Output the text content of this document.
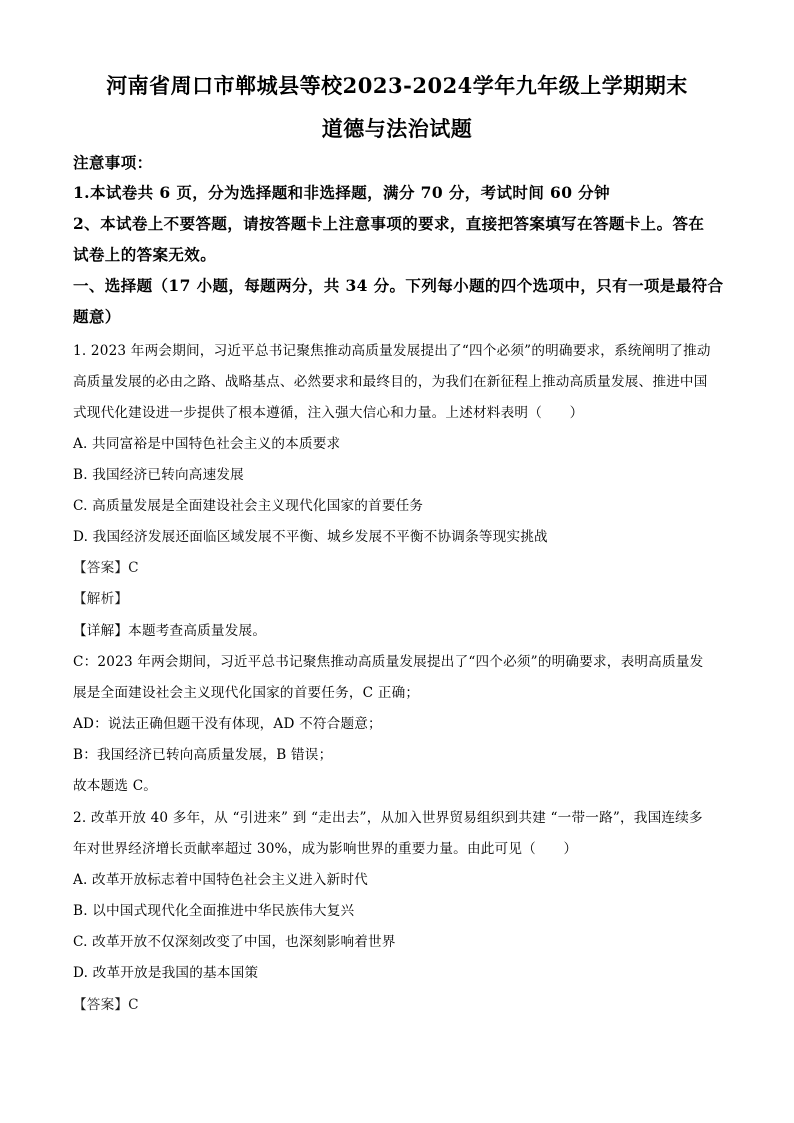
河南省周口市郸城县等校2023-2024学年九年级上学期期末
道德与法治试题
注意事项：
1.本试卷共 6 页，分为选择题和非选择题，满分 70 分，考试时间 60 分钟
2、本试卷上不要答题，请按答题卡上注意事项的要求，直接把答案填写在答题卡上。答在
试卷上的答案无效。
一、选择题（17 小题，每题两分，共 34 分。下列每小题的四个选项中，只有一项是最符合
题意）
1. 2023 年两会期间，习近平总书记聚焦推动高质量发展提出了“四个必须”的明确要求，系统阐明了推动
高质量发展的必由之路、战略基点、必然要求和最终目的，为我们在新征程上推动高质量发展、推进中国
式现代化建设进一步提供了根本遵循，注入强大信心和力量。上述材料表明（　　）
A. 共同富裕是中国特色社会主义的本质要求
B. 我国经济已转向高速发展
C. 高质量发展是全面建设社会主义现代化国家的首要任务
D. 我国经济发展还面临区域发展不平衡、城乡发展不平衡不协调条等现实挑战
【答案】C
【解析】
【详解】本题考查高质量发展。
C：2023 年两会期间，习近平总书记聚焦推动高质量发展提出了“四个必须”的明确要求，表明高质量发
展是全面建设社会主义现代化国家的首要任务，C 正确；
AD：说法正确但题干没有体现，AD 不符合题意；
B：我国经济已转向高质量发展，B 错误；
故本题选 C。
2. 改革开放 40 多年，从 “引进来” 到 “走出去”，从加入世界贸易组织到共建 “一带一路”，我国连续多
年对世界经济增长贡献率超过 30%，成为影响世界的重要力量。由此可见（　　）
A. 改革开放标志着中国特色社会主义进入新时代
B. 以中国式现代化全面推进中华民族伟大复兴
C. 改革开放不仅深刻改变了中国，也深刻影响着世界
D. 改革开放是我国的基本国策
【答案】C
